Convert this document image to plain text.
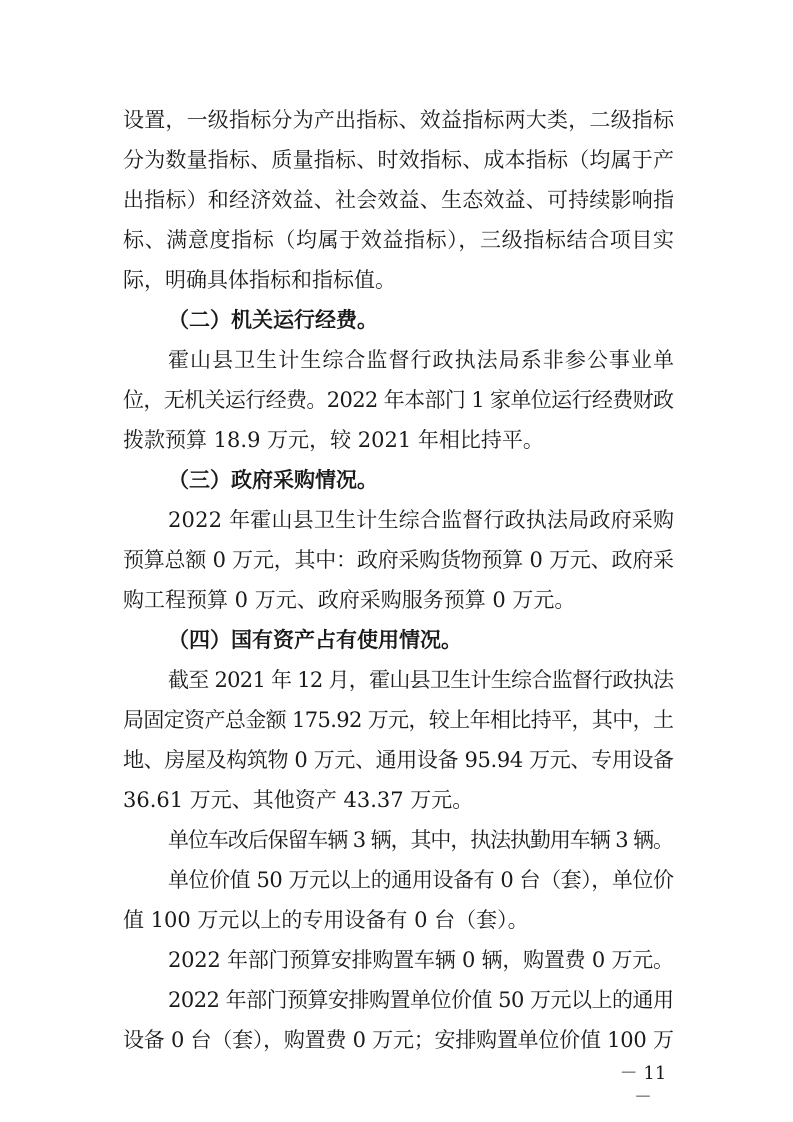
设置，一级指标分为产出指标、效益指标两大类，二级指标
分为数量指标、质量指标、时效指标、成本指标（均属于产
出指标）和经济效益、社会效益、生态效益、可持续影响指
标、满意度指标（均属于效益指标），三级指标结合项目实
际，明确具体指标和指标值。
（二）机关运行经费。
霍山县卫生计生综合监督行政执法局系非参公事业单
位，无机关运行经费。2022 年本部门 1 家单位运行经费财政
拨款预算 18.9 万元，较 2021 年相比持平。
（三）政府采购情况。
2022 年霍山县卫生计生综合监督行政执法局政府采购
预算总额 0 万元，其中：政府采购货物预算 0 万元、政府采
购工程预算 0 万元、政府采购服务预算 0 万元。
（四）国有资产占有使用情况。
截至 2021 年 12 月，霍山县卫生计生综合监督行政执法
局固定资产总金额 175.92 万元，较上年相比持平，其中，土
地、房屋及构筑物 0 万元、通用设备 95.94 万元、专用设备
36.61 万元、其他资产 43.37 万元。
单位车改后保留车辆 3 辆，其中，执法执勤用车辆 3 辆。
单位价值 50 万元以上的通用设备有 0 台（套），单位价
值 100 万元以上的专用设备有 0 台（套）。
2022 年部门预算安排购置车辆 0 辆，购置费 0 万元。
2022 年部门预算安排购置单位价值 50 万元以上的通用
设备 0 台（套），购置费 0 万元；安排购置单位价值 100 万
－ 11 －
